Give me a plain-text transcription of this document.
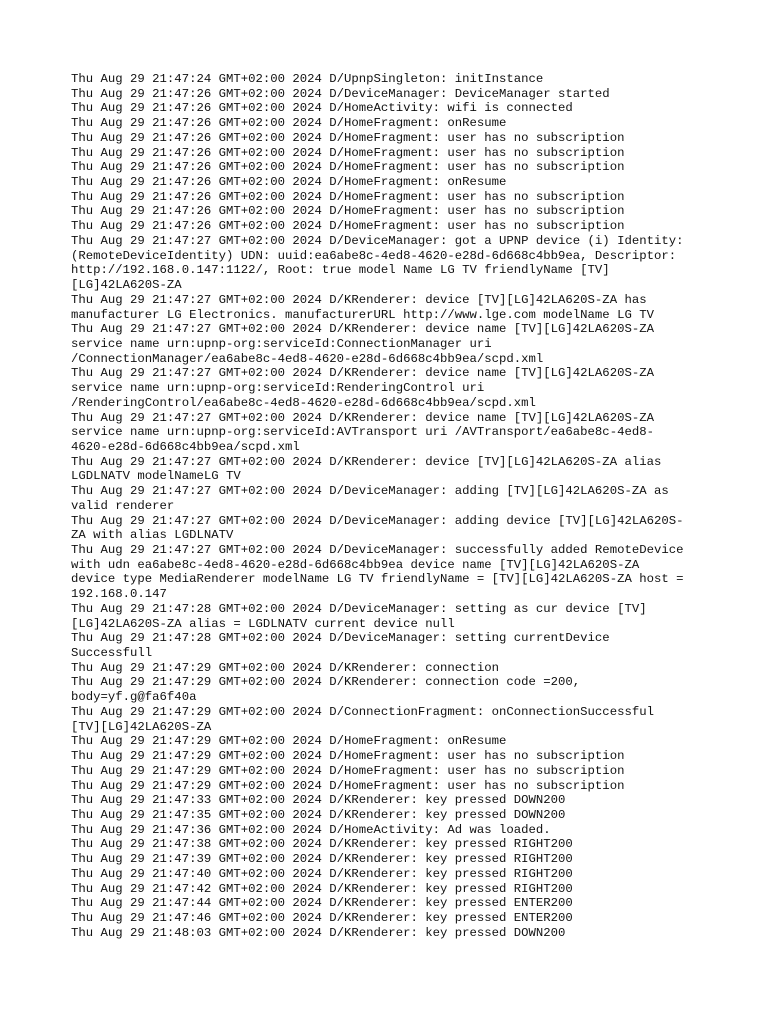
Thu Aug 29 21:47:24 GMT+02:00 2024 D/UpnpSingleton: initInstance
Thu Aug 29 21:47:26 GMT+02:00 2024 D/DeviceManager: DeviceManager started
Thu Aug 29 21:47:26 GMT+02:00 2024 D/HomeActivity: wifi is connected
Thu Aug 29 21:47:26 GMT+02:00 2024 D/HomeFragment: onResume
Thu Aug 29 21:47:26 GMT+02:00 2024 D/HomeFragment: user has no subscription
Thu Aug 29 21:47:26 GMT+02:00 2024 D/HomeFragment: user has no subscription
Thu Aug 29 21:47:26 GMT+02:00 2024 D/HomeFragment: user has no subscription
Thu Aug 29 21:47:26 GMT+02:00 2024 D/HomeFragment: onResume
Thu Aug 29 21:47:26 GMT+02:00 2024 D/HomeFragment: user has no subscription
Thu Aug 29 21:47:26 GMT+02:00 2024 D/HomeFragment: user has no subscription
Thu Aug 29 21:47:26 GMT+02:00 2024 D/HomeFragment: user has no subscription
Thu Aug 29 21:47:27 GMT+02:00 2024 D/DeviceManager: got a UPNP device (i) Identity:
(RemoteDeviceIdentity) UDN: uuid:ea6abe8c-4ed8-4620-e28d-6d668c4bb9ea, Descriptor:
http://192.168.0.147:1122/, Root: true model Name LG TV friendlyName [TV]
[LG]42LA620S-ZA
Thu Aug 29 21:47:27 GMT+02:00 2024 D/KRenderer: device [TV][LG]42LA620S-ZA has
manufacturer LG Electronics. manufacturerURL http://www.lge.com modelName LG TV
Thu Aug 29 21:47:27 GMT+02:00 2024 D/KRenderer: device name [TV][LG]42LA620S-ZA
service name urn:upnp-org:serviceId:ConnectionManager uri
/ConnectionManager/ea6abe8c-4ed8-4620-e28d-6d668c4bb9ea/scpd.xml
Thu Aug 29 21:47:27 GMT+02:00 2024 D/KRenderer: device name [TV][LG]42LA620S-ZA
service name urn:upnp-org:serviceId:RenderingControl uri
/RenderingControl/ea6abe8c-4ed8-4620-e28d-6d668c4bb9ea/scpd.xml
Thu Aug 29 21:47:27 GMT+02:00 2024 D/KRenderer: device name [TV][LG]42LA620S-ZA
service name urn:upnp-org:serviceId:AVTransport uri /AVTransport/ea6abe8c-4ed8-
4620-e28d-6d668c4bb9ea/scpd.xml
Thu Aug 29 21:47:27 GMT+02:00 2024 D/KRenderer: device [TV][LG]42LA620S-ZA alias
LGDLNATV modelNameLG TV
Thu Aug 29 21:47:27 GMT+02:00 2024 D/DeviceManager: adding [TV][LG]42LA620S-ZA as
valid renderer
Thu Aug 29 21:47:27 GMT+02:00 2024 D/DeviceManager: adding device [TV][LG]42LA620S-
ZA with alias LGDLNATV
Thu Aug 29 21:47:27 GMT+02:00 2024 D/DeviceManager: successfully added RemoteDevice
with udn ea6abe8c-4ed8-4620-e28d-6d668c4bb9ea device name [TV][LG]42LA620S-ZA
device type MediaRenderer modelName LG TV friendlyName = [TV][LG]42LA620S-ZA host =
192.168.0.147
Thu Aug 29 21:47:28 GMT+02:00 2024 D/DeviceManager: setting as cur device [TV]
[LG]42LA620S-ZA alias = LGDLNATV current device null
Thu Aug 29 21:47:28 GMT+02:00 2024 D/DeviceManager: setting currentDevice
Successfull
Thu Aug 29 21:47:29 GMT+02:00 2024 D/KRenderer: connection
Thu Aug 29 21:47:29 GMT+02:00 2024 D/KRenderer: connection code =200,
body=yf.g@fa6f40a
Thu Aug 29 21:47:29 GMT+02:00 2024 D/ConnectionFragment: onConnectionSuccessful
[TV][LG]42LA620S-ZA
Thu Aug 29 21:47:29 GMT+02:00 2024 D/HomeFragment: onResume
Thu Aug 29 21:47:29 GMT+02:00 2024 D/HomeFragment: user has no subscription
Thu Aug 29 21:47:29 GMT+02:00 2024 D/HomeFragment: user has no subscription
Thu Aug 29 21:47:29 GMT+02:00 2024 D/HomeFragment: user has no subscription
Thu Aug 29 21:47:33 GMT+02:00 2024 D/KRenderer: key pressed DOWN200
Thu Aug 29 21:47:35 GMT+02:00 2024 D/KRenderer: key pressed DOWN200
Thu Aug 29 21:47:36 GMT+02:00 2024 D/HomeActivity: Ad was loaded.
Thu Aug 29 21:47:38 GMT+02:00 2024 D/KRenderer: key pressed RIGHT200
Thu Aug 29 21:47:39 GMT+02:00 2024 D/KRenderer: key pressed RIGHT200
Thu Aug 29 21:47:40 GMT+02:00 2024 D/KRenderer: key pressed RIGHT200
Thu Aug 29 21:47:42 GMT+02:00 2024 D/KRenderer: key pressed RIGHT200
Thu Aug 29 21:47:44 GMT+02:00 2024 D/KRenderer: key pressed ENTER200
Thu Aug 29 21:47:46 GMT+02:00 2024 D/KRenderer: key pressed ENTER200
Thu Aug 29 21:48:03 GMT+02:00 2024 D/KRenderer: key pressed DOWN200
